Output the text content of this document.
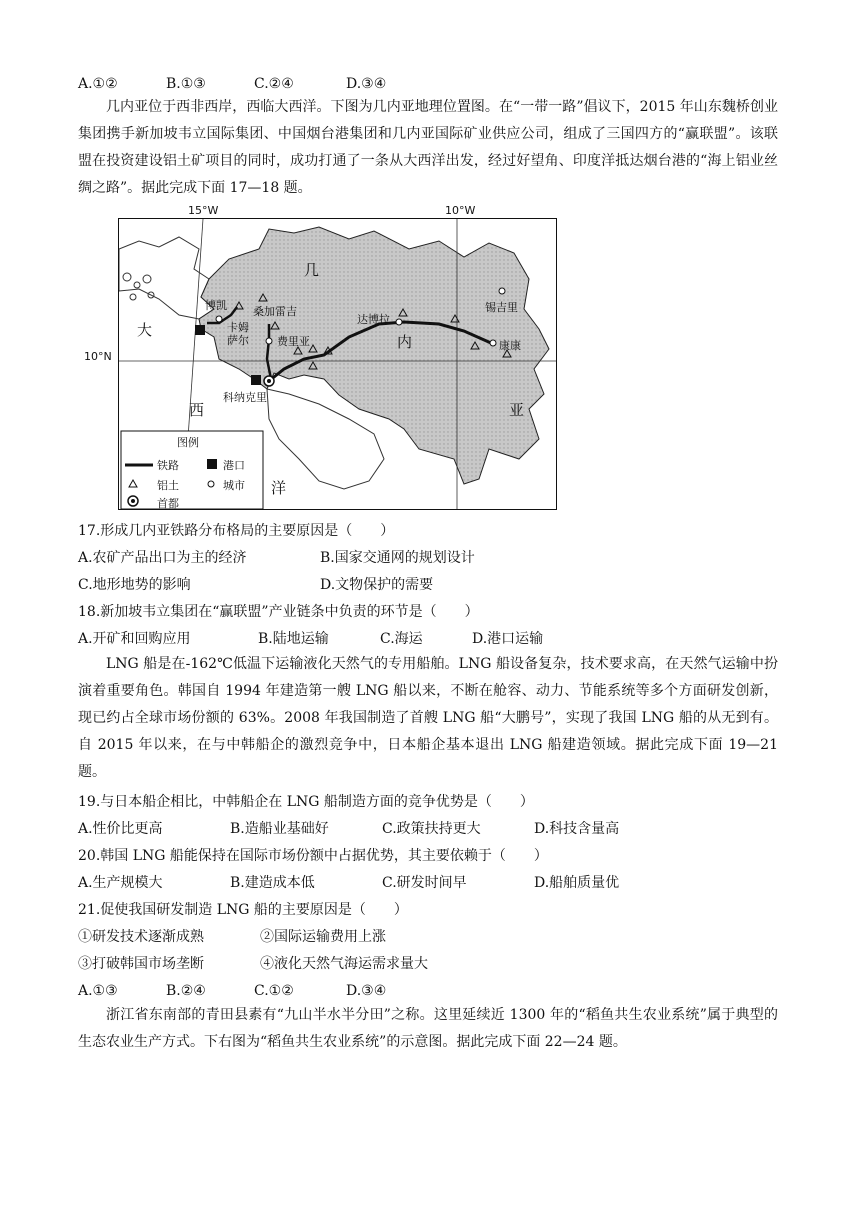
A.①②	B.①③	C.②④	D.③④
几内亚位于西非西岸，西临大西洋。下图为几内亚地理位置图。在“一带一路”倡议下，2015 年山东魏桥创业集团携手新加坡韦立国际集团、中国烟台港集团和几内亚国际矿业供应公司，组成了三国四方的“赢联盟”。该联盟在投资建设铝土矿项目的同时，成功打通了一条从大西洋出发，经过好望角、印度洋抵达烟台港的“海上铝业丝绸之路”。据此完成下面 17—18 题。
15°W	10°W
10°N
几
内
亚
大
西
洋
博凯 桑加雷吉
卡姆萨尔	费里亚
达博拉
锡吉里
康康
科纳克里
图例
铁路	港口
铝土	城市
首都
17.形成几内亚铁路分布格局的主要原因是（　　）
A.农矿产品出口为主的经济	B.国家交通网的规划设计
C.地形地势的影响	D.文物保护的需要
18.新加坡韦立集团在“赢联盟”产业链条中负责的环节是（　　）
A.开矿和回购应用	B.陆地运输	C.海运	D.港口运输
LNG 船是在-162℃低温下运输液化天然气的专用船舶。LNG 船设备复杂，技术要求高，在天然气运输中扮演着重要角色。韩国自 1994 年建造第一艘 LNG 船以来，不断在舱容、动力、节能系统等多个方面研发创新，现已约占全球市场份额的 63%。2008 年我国制造了首艘 LNG 船“大鹏号”，实现了我国 LNG 船的从无到有。自 2015 年以来，在与中韩船企的激烈竞争中，日本船企基本退出 LNG 船建造领域。据此完成下面 19—21 题。
19.与日本船企相比，中韩船企在 LNG 船制造方面的竞争优势是（　　）
A.性价比更高	B.造船业基础好	C.政策扶持更大	D.科技含量高
20.韩国 LNG 船能保持在国际市场份额中占据优势，其主要依赖于（　　）
A.生产规模大	B.建造成本低	C.研发时间早	D.船舶质量优
21.促使我国研发制造 LNG 船的主要原因是（　　）
①研发技术逐渐成熟	②国际运输费用上涨
③打破韩国市场垄断	④液化天然气海运需求量大
A.①③	B.②④	C.①②	D.③④
浙江省东南部的青田县素有“九山半水半分田”之称。这里延续近 1300 年的“稻鱼共生农业系统”属于典型的生态农业生产方式。下右图为“稻鱼共生农业系统”的示意图。据此完成下面 22—24 题。
